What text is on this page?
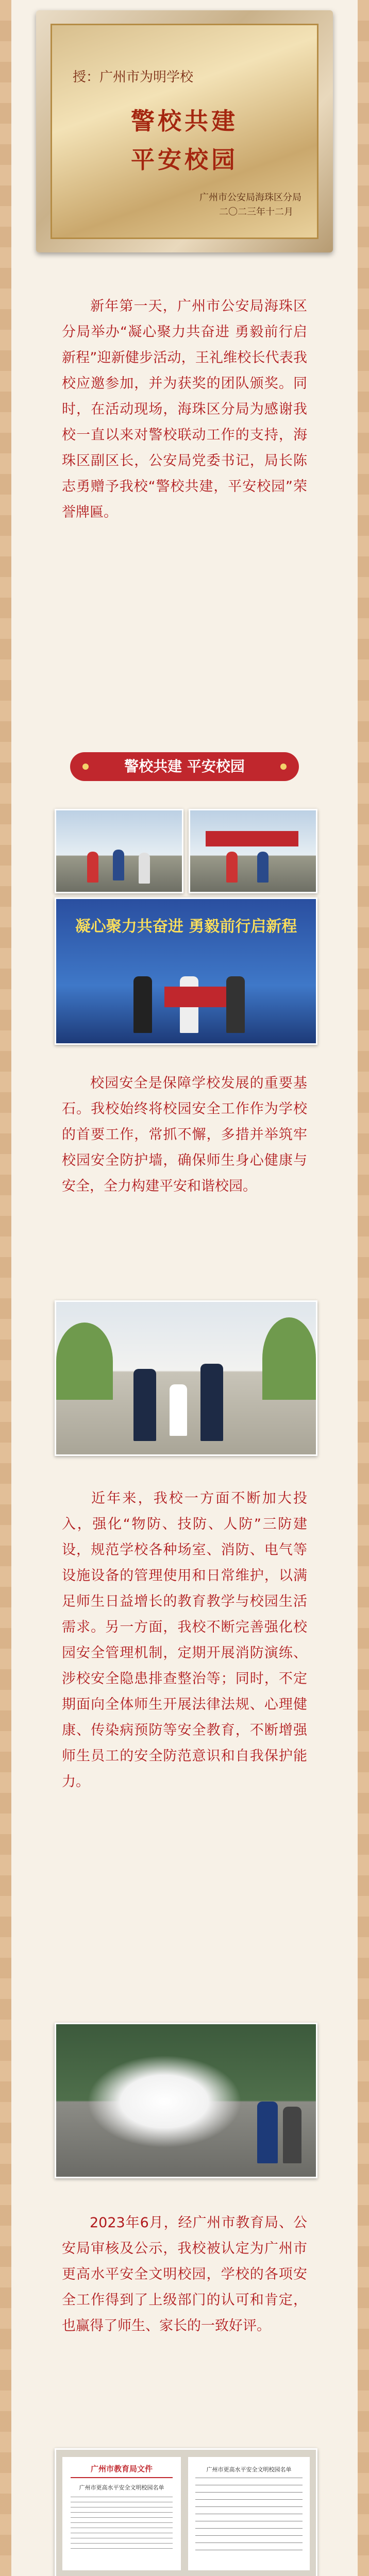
授：广州市为明学校
警校共建
平安校园
广州市公安局海珠区分局
二〇二三年十二月
新年第一天，广州市公安局海珠区分局举办“凝心聚力共奋进 勇毅前行启新程”迎新健步活动，王礼维校长代表我校应邀参加，并为获奖的团队颁奖。同时，在活动现场，海珠区分局为感谢我校一直以来对警校联动工作的支持，海珠区副区长，公安局党委书记，局长陈志勇赠予我校“警校共建，平安校园”荣誉牌匾。
警校共建 平安校园
凝心聚力共奋进 勇毅前行启新程
校园安全是保障学校发展的重要基石。我校始终将校园安全工作作为学校的首要工作，常抓不懈，多措并举筑牢校园安全防护墙，确保师生身心健康与安全，全力构建平安和谐校园。
近年来，我校一方面不断加大投入，强化“物防、技防、人防”三防建设，规范学校各种场室、消防、电气等设施设备的管理使用和日常维护，以满足师生日益增长的教育教学与校园生活需求。另一方面，我校不断完善强化校园安全管理机制，定期开展消防演练、涉校安全隐患排查整治等；同时，不定期面向全体师生开展法律法规、心理健康、传染病预防等安全教育，不断增强师生员工的安全防范意识和自我保护能力。
2023年6月，经广州市教育局、公安局审核及公示，我校被认定为广州市更高水平安全文明校园，学校的各项安全工作得到了上级部门的认可和肯定，也赢得了师生、家长的一致好评。
广州市教育局文件
广州市更高水平安全文明校园名单
广州市更高水平安全文明校园名单
